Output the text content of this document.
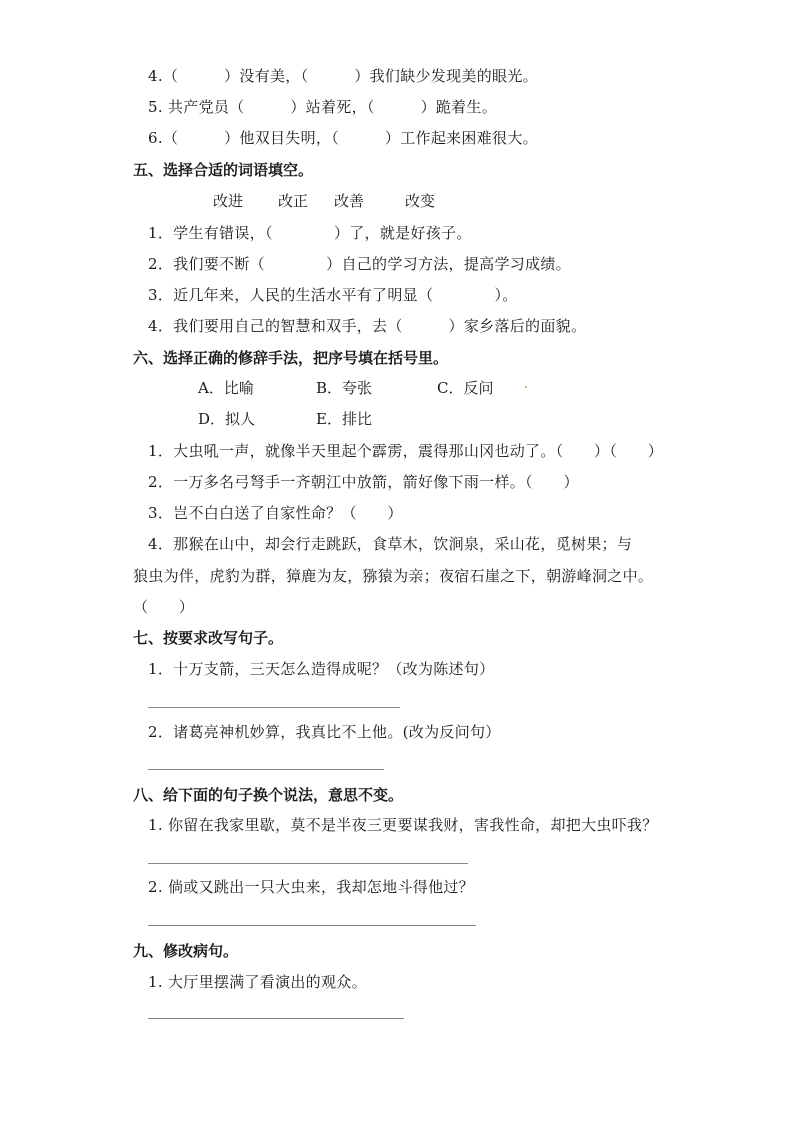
4.（　　　）没有美，（　　　）我们缺少发现美的眼光。
5. 共产党员（　　　）站着死，（　　　）跪着生。
6.（　　　）他双目失明，（　　　）工作起来困难很大。
五、选择合适的词语填空。
改进 改正 改善	改变
1．学生有错误，（　　　　）了，就是好孩子。
2．我们要不断（　　　　）自己的学习方法，提高学习成绩。
3．近几年来，人民的生活水平有了明显（　　　　）。
4．我们要用自己的智慧和双手，去（　　　）家乡落后的面貌。
六、选择正确的修辞手法，把序号填在括号里。
A．比喻	B．夸张	C．反问
D．拟人	E．排比
1．大虫吼一声，就像半天里起个霹雳，震得那山冈也动了。（　　）（　　）
2．一万多名弓弩手一齐朝江中放箭，箭好像下雨一样。（　　）
3．岂不白白送了自家性命？（　　）
4．那猴在山中，却会行走跳跃，食草木，饮涧泉，采山花，觅树果；与
狼虫为伴，虎豹为群，獐鹿为友，猕猿为亲；夜宿石崖之下，朝游峰洞之中。
（　　）
七、按要求改写句子。
1．十万支箭，三天怎么造得成呢？（改为陈述句）
2．诸葛亮神机妙算，我真比不上他。(改为反问句）
八、给下面的句子换个说法，意思不变。
1. 你留在我家里歇，莫不是半夜三更要谋我财，害我性命，却把大虫吓我？
2. 倘或又跳出一只大虫来，我却怎地斗得他过？
九、修改病句。
1. 大厅里摆满了看演出的观众。
